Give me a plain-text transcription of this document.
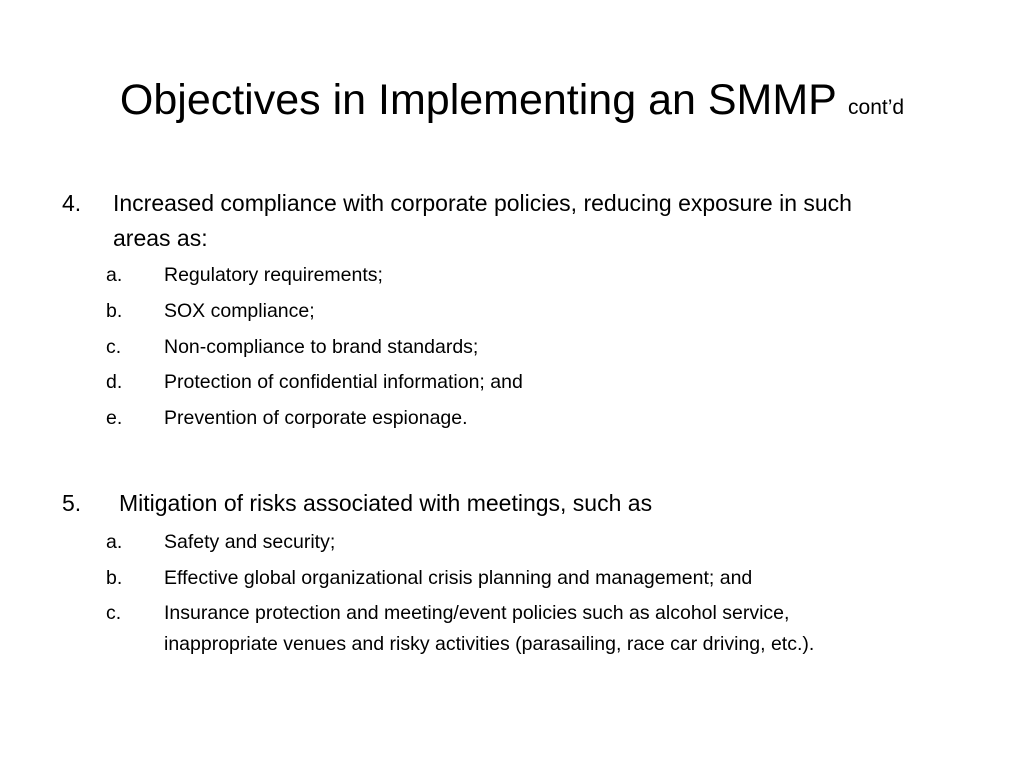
Objectives in Implementing an SMMP cont’d
4. Increased compliance with corporate policies, reducing exposure in such
areas as:
a. Regulatory requirements;
b. SOX compliance;
c. Non-compliance to brand standards;
d. Protection of confidential information; and
e. Prevention of corporate espionage.
5. Mitigation of risks associated with meetings, such as
a. Safety and security;
b. Effective global organizational crisis planning and management; and
c. Insurance protection and meeting/event policies such as alcohol service,
inappropriate venues and risky activities (parasailing, race car driving, etc.).
